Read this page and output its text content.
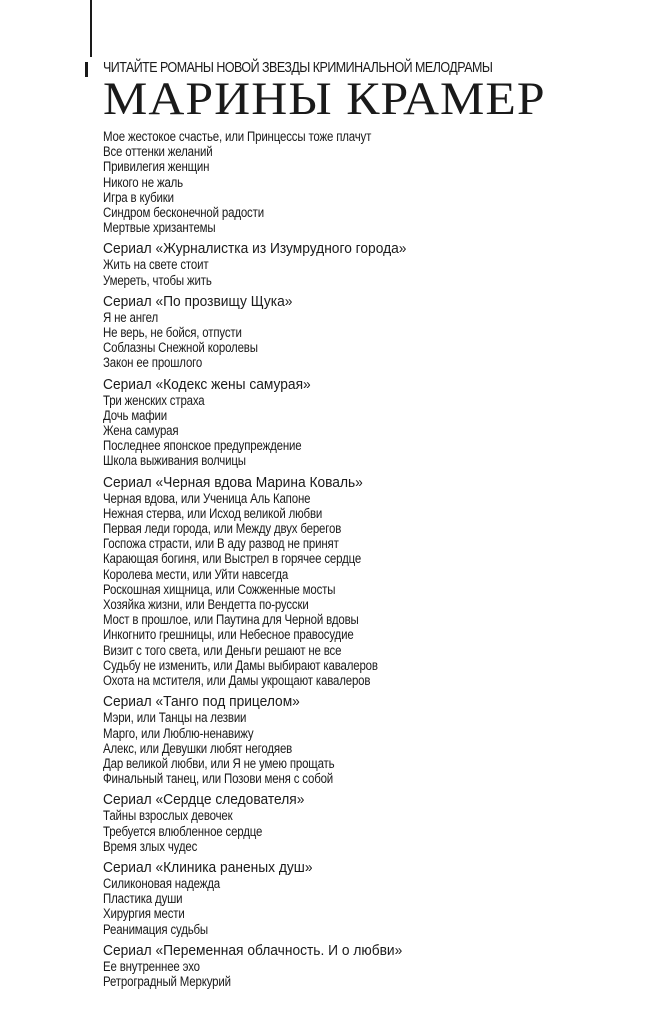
ЧИТАЙТЕ РОМАНЫ НОВОЙ ЗВЕЗДЫ КРИМИНАЛЬНОЙ МЕЛОДРАМЫ
МАРИНЫ КРАМЕР
Мое жестокое счастье, или Принцессы тоже плачут
Все оттенки желаний
Привилегия женщин
Никого не жаль
Игра в кубики
Синдром бесконечной радости
Мертвые хризантемы
Сериал «Журналистка из Изумрудного города»
Жить на свете стоит
Умереть, чтобы жить
Сериал «По прозвищу Щука»
Я не ангел
Не верь, не бойся, отпусти
Соблазны Снежной королевы
Закон ее прошлого
Сериал «Кодекс жены самурая»
Три женских страха
Дочь мафии
Жена самурая
Последнее японское предупреждение
Школа выживания волчицы
Сериал «Черная вдова Марина Коваль»
Черная вдова, или Ученица Аль Капоне
Нежная стерва, или Исход великой любви
Первая леди города, или Между двух берегов
Госпожа страсти, или В аду развод не принят
Карающая богиня, или Выстрел в горячее сердце
Королева мести, или Уйти навсегда
Роскошная хищница, или Сожженные мосты
Хозяйка жизни, или Вендетта по-русски
Мост в прошлое, или Паутина для Черной вдовы
Инкогнито грешницы, или Небесное правосудие
Визит с того света, или Деньги решают не все
Судьбу не изменить, или Дамы выбирают кавалеров
Охота на мстителя, или Дамы укрощают кавалеров
Сериал «Танго под прицелом»
Мэри, или Танцы на лезвии
Марго, или Люблю-ненавижу
Алекс, или Девушки любят негодяев
Дар великой любви, или Я не умею прощать
Финальный танец, или Позови меня с собой
Сериал «Сердце следователя»
Тайны взрослых девочек
Требуется влюбленное сердце
Время злых чудес
Сериал «Клиника раненых душ»
Силиконовая надежда
Пластика души
Хирургия мести
Реанимация судьбы
Сериал «Переменная облачность. И о любви»
Ее внутреннее эхо
Ретроградный Меркурий
